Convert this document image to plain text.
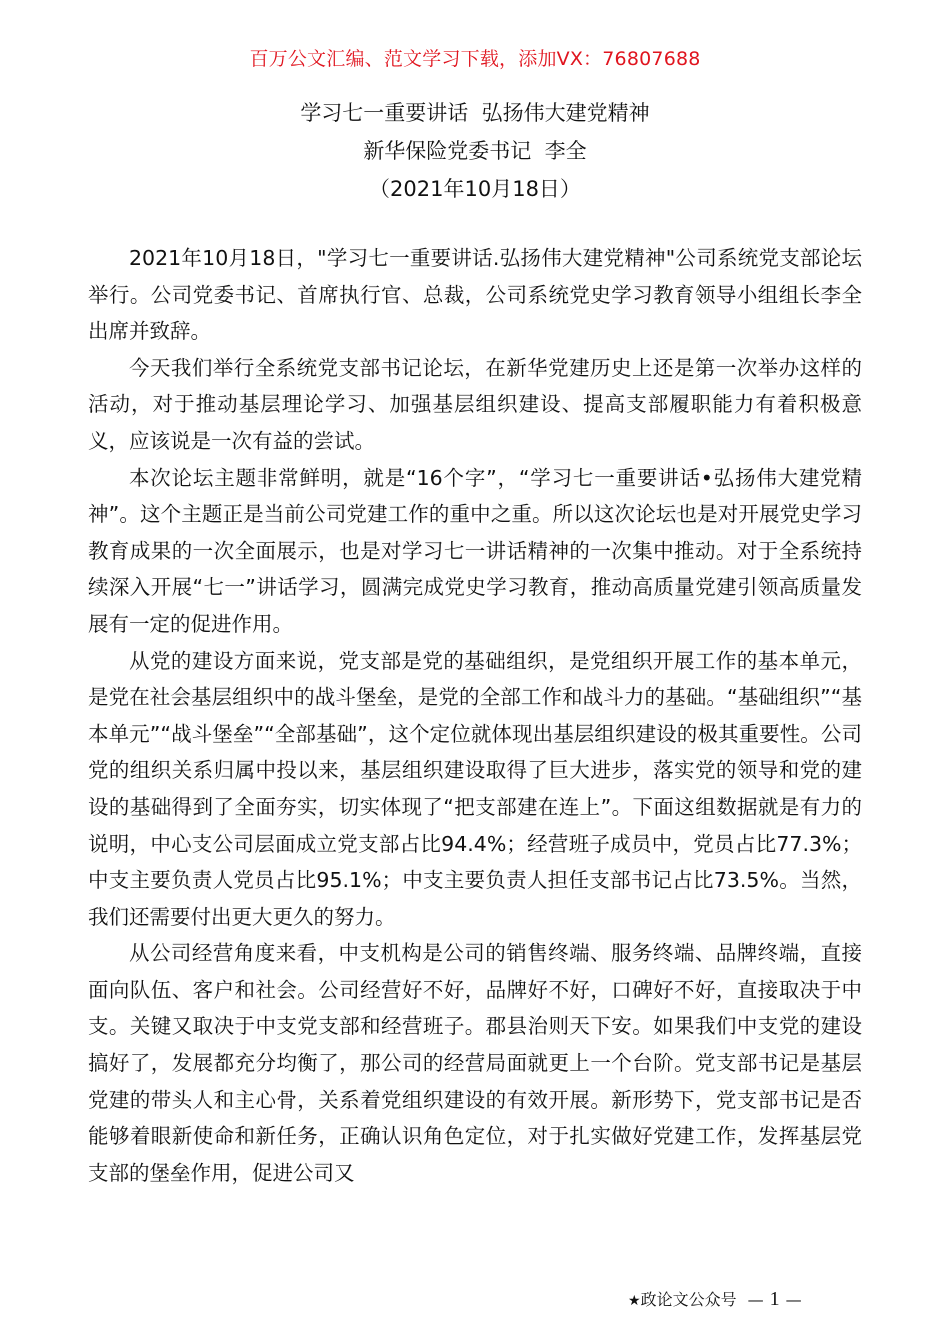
百万公文汇编、范文学习下载，添加VX：76807688
学习七一重要讲话  弘扬伟大建党精神
新华保险党委书记  李全
（2021年10月18日）

2021年10月18日，"学习七一重要讲话.弘扬伟大建党精神"公司系统党支部论坛举行。公司党委书记、首席执行官、总裁，公司系统党史学习教育领导小组组长李全出席并致辞。

今天我们举行全系统党支部书记论坛，在新华党建历史上还是第一次举办这样的活动，对于推动基层理论学习、加强基层组织建设、提高支部履职能力有着积极意义，应该说是一次有益的尝试。

本次论坛主题非常鲜明，就是“16个字”，“学习七一重要讲话•弘扬伟大建党精神”。这个主题正是当前公司党建工作的重中之重。所以这次论坛也是对开展党史学习教育成果的一次全面展示，也是对学习七一讲话精神的一次集中推动。对于全系统持续深入开展“七一”讲话学习，圆满完成党史学习教育，推动高质量党建引领高质量发展有一定的促进作用。

从党的建设方面来说，党支部是党的基础组织，是党组织开展工作的基本单元，是党在社会基层组织中的战斗堡垒，是党的全部工作和战斗力的基础。“基础组织”“基本单元”“战斗堡垒”“全部基础”，这个定位就体现出基层组织建设的极其重要性。公司党的组织关系归属中投以来，基层组织建设取得了巨大进步，落实党的领导和党的建设的基础得到了全面夯实，切实体现了“把支部建在连上”。下面这组数据就是有力的说明，中心支公司层面成立党支部占比94.4%；经营班子成员中，党员占比77.3%；中支主要负责人党员占比95.1%；中支主要负责人担任支部书记占比73.5%。当然，我们还需要付出更大更久的努力。

从公司经营角度来看，中支机构是公司的销售终端、服务终端、品牌终端，直接面向队伍、客户和社会。公司经营好不好，品牌好不好，口碑好不好，直接取决于中支。关键又取决于中支党支部和经营班子。郡县治则天下安。如果我们中支党的建设搞好了，发展都充分均衡了，那公司的经营局面就更上一个台阶。党支部书记是基层党建的带头人和主心骨，关系着党组织建设的有效开展。新形势下，党支部书记是否能够着眼新使命和新任务，正确认识角色定位，对于扎实做好党建工作，发挥基层党支部的堡垒作用，促进公司又

★政论文公众号 — 1 —
